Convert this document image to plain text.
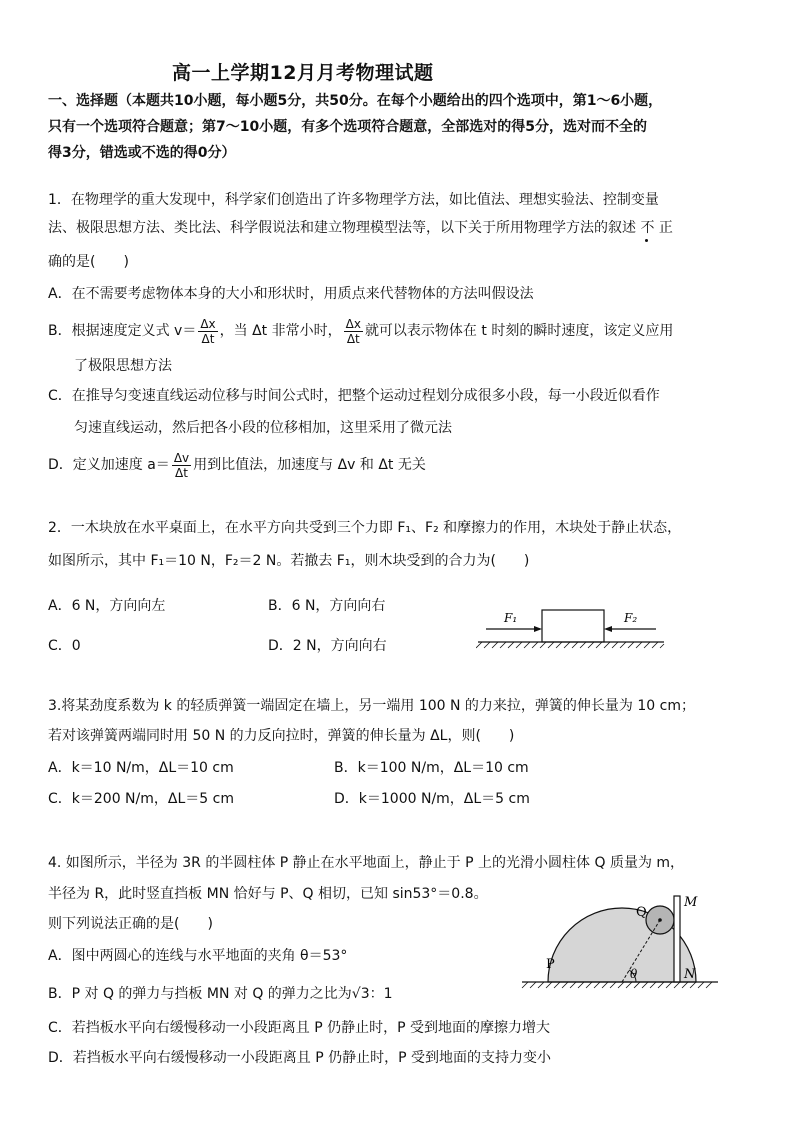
高一上学期12月月考物理试题
一、选择题（本题共10小题，每小题5分，共50分。在每个小题给出的四个选项中，第1～6小题，
只有一个选项符合题意；第7～10小题，有多个选项符合题意，全部选对的得5分，选对而不全的
得3分，错选或不选的得0分）
1．在物理学的重大发现中，科学家们创造出了许多物理学方法，如比值法、理想实验法、控制变量
法、极限思想方法、类比法、科学假说法和建立物理模型法等，以下关于所用物理学方法的叙述 不 正
确的是(　　)
A．在不需要考虑物体本身的大小和形状时，用质点来代替物体的方法叫假设法
B．根据速度定义式 $v= \frac{\Delta x}{\Delta t}$ ，当 Δt 非常小时， $\frac{\Delta x}{\Delta t}$ 就可以表示物体在 t 时刻的瞬时速度，该定义应用
了极限思想方法
C．在推导匀变速直线运动位移与时间公式时，把整个运动过程划分成很多小段，每一小段近似看作
匀速直线运动，然后把各小段的位移相加，这里采用了微元法
D．定义加速度 $a= \frac{\Delta v}{\Delta t}$ 用到比值法，加速度与 Δv 和 Δt 无关
2．一木块放在水平桌面上，在水平方向共受到三个力即 F₁、F₂ 和摩擦力的作用，木块处于静止状态，
如图所示，其中 F₁＝10 N，F₂＝2 N。若撤去 F₁，则木块受到的合力为(　　)
A．6 N，方向向左	B．6 N，方向向右
C．0	D．2 N，方向向右
F₁	F₂
3.将某劲度系数为 k 的轻质弹簧一端固定在墙上，另一端用 100 N 的力来拉，弹簧的伸长量为 10 cm；
若对该弹簧两端同时用 50 N 的力反向拉时，弹簧的伸长量为 ΔL，则(　　)
A．k＝10 N/m，ΔL＝10 cm	B．k＝100 N/m，ΔL＝10 cm
C．k＝200 N/m，ΔL＝5 cm	D．k＝1000 N/m，ΔL＝5 cm
4. 如图所示，半径为 3R 的半圆柱体 P 静止在水平地面上，静止于 P 上的光滑小圆柱体 Q 质量为 m，
半径为 R，此时竖直挡板 MN 恰好与 P、Q 相切，已知 sin53°＝0.8。
则下列说法正确的是(　　)
A．图中两圆心的连线与水平地面的夹角 θ＝53°
B．P 对 Q 的弹力与挡板 MN 对 Q 的弹力之比为√3：1
C．若挡板水平向右缓慢移动一小段距离且 P 仍静止时，P 受到地面的摩擦力增大
D．若挡板水平向右缓慢移动一小段距离且 P 仍静止时，P 受到地面的支持力变小
Q
P
M
N
θ
